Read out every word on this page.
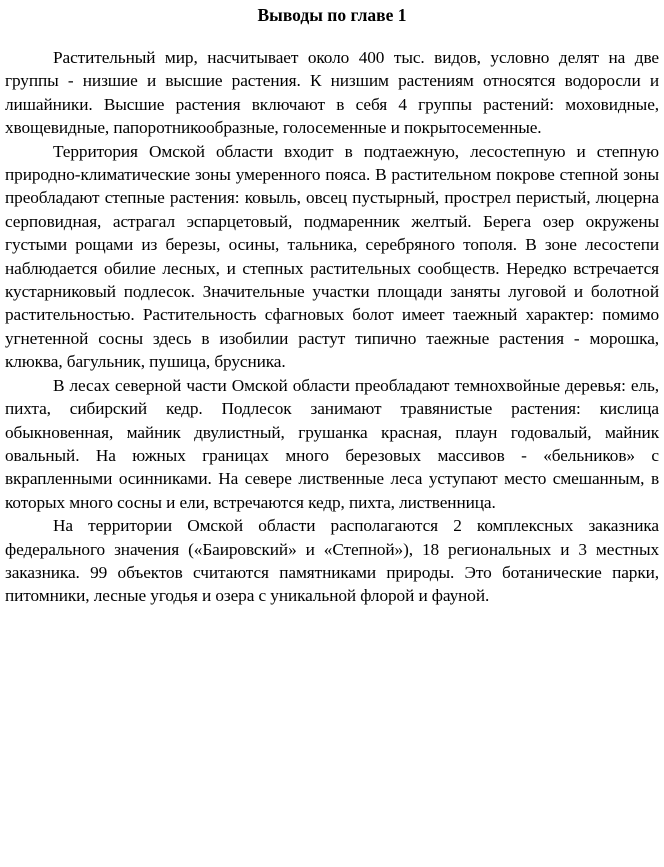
Выводы по главе 1

Растительный мир, насчитывает около 400 тыс. видов, условно делят на две группы - низшие и высшие растения. К низшим растениям относятся водоросли и лишайники. Высшие растения включают в себя 4 группы растений: моховидные, хвощевидные, папоротникообразные, голосеменные и покрытосеменные.

Территория Омской области входит в подтаежную, лесостепную и степную природно-климатические зоны умеренного пояса. В растительном покрове степной зоны преобладают степные растения: ковыль, овсец пустырный, прострел перистый, люцерна серповидная, астрагал эспарцетовый, подмаренник желтый. Берега озер окружены густыми рощами из березы, осины, тальника, серебряного тополя. В зоне лесостепи наблюдается обилие лесных, и степных растительных сообществ. Нередко встречается кустарниковый подлесок. Значительные участки площади заняты луговой и болотной растительностью. Растительность сфагновых болот имеет таежный характер: помимо угнетенной сосны здесь в изобилии растут типично таежные растения - морошка, клюква, багульник, пушица, брусника.

В лесах северной части Омской области преобладают темнохвойные деревья: ель, пихта, сибирский кедр. Подлесок занимают травянистые растения: кислица обыкновенная, майник двулистный, грушанка красная, плаун годовалый, майник овальный. На южных границах много березовых массивов - «бельников» с вкрапленными осинниками. На севере лиственные леса уступают место смешанным, в которых много сосны и ели, встречаются кедр, пихта, лиственница.

На территории Омской области располагаются 2 комплексных заказника федерального значения («Баировский» и «Степной»), 18 региональных и 3 местных заказника. 99 объектов считаются памятниками природы. Это ботанические парки, питомники, лесные угодья и озера с уникальной флорой и фауной.
